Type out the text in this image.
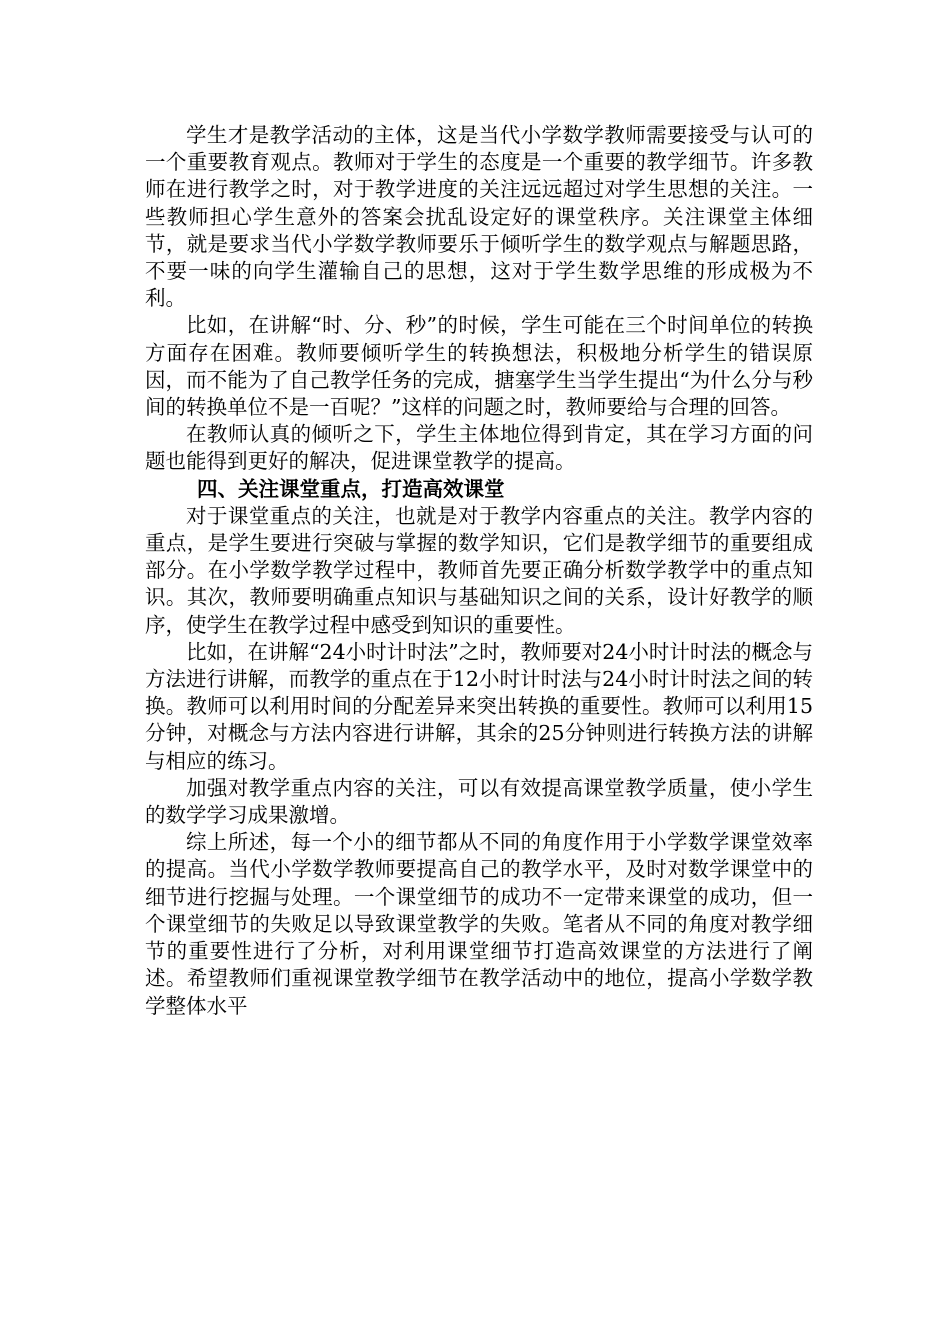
学生才是教学活动的主体，这是当代小学数学教师需要接受与认可的一个重要教育观点。教师对于学生的态度是一个重要的教学细节。许多教师在进行教学之时，对于教学进度的关注远远超过对学生思想的关注。一些教师担心学生意外的答案会扰乱设定好的课堂秩序。关注课堂主体细节，就是要求当代小学数学教师要乐于倾听学生的数学观点与解题思路，不要一味的向学生灌输自己的思想，这对于学生数学思维的形成极为不利。

比如，在讲解“时、分、秒”的时候，学生可能在三个时间单位的转换方面存在困难。教师要倾听学生的转换想法，积极地分析学生的错误原因，而不能为了自己教学任务的完成，搪塞学生当学生提出“为什么分与秒间的转换单位不是一百呢？”这样的问题之时，教师要给与合理的回答。

在教师认真的倾听之下，学生主体地位得到肯定，其在学习方面的问题也能得到更好的解决，促进课堂教学的提高。

四、关注课堂重点，打造高效课堂

对于课堂重点的关注，也就是对于教学内容重点的关注。教学内容的重点，是学生要进行突破与掌握的数学知识，它们是教学细节的重要组成部分。在小学数学教学过程中，教师首先要正确分析数学教学中的重点知识。其次，教师要明确重点知识与基础知识之间的关系，设计好教学的顺序，使学生在教学过程中感受到知识的重要性。

比如，在讲解“24小时计时法”之时，教师要对24小时计时法的概念与方法进行讲解，而教学的重点在于12小时计时法与24小时计时法之间的转换。教师可以利用时间的分配差异来突出转换的重要性。教师可以利用15分钟，对概念与方法内容进行讲解，其余的25分钟则进行转换方法的讲解与相应的练习。

加强对教学重点内容的关注，可以有效提高课堂教学质量，使小学生的数学学习成果激增。

综上所述，每一个小的细节都从不同的角度作用于小学数学课堂效率的提高。当代小学数学教师要提高自己的教学水平，及时对数学课堂中的细节进行挖掘与处理。一个课堂细节的成功不一定带来课堂的成功，但一个课堂细节的失败足以导致课堂教学的失败。笔者从不同的角度对教学细节的重要性进行了分析，对利用课堂细节打造高效课堂的方法进行了阐述。希望教师们重视课堂教学细节在教学活动中的地位，提高小学数学教学整体水平
